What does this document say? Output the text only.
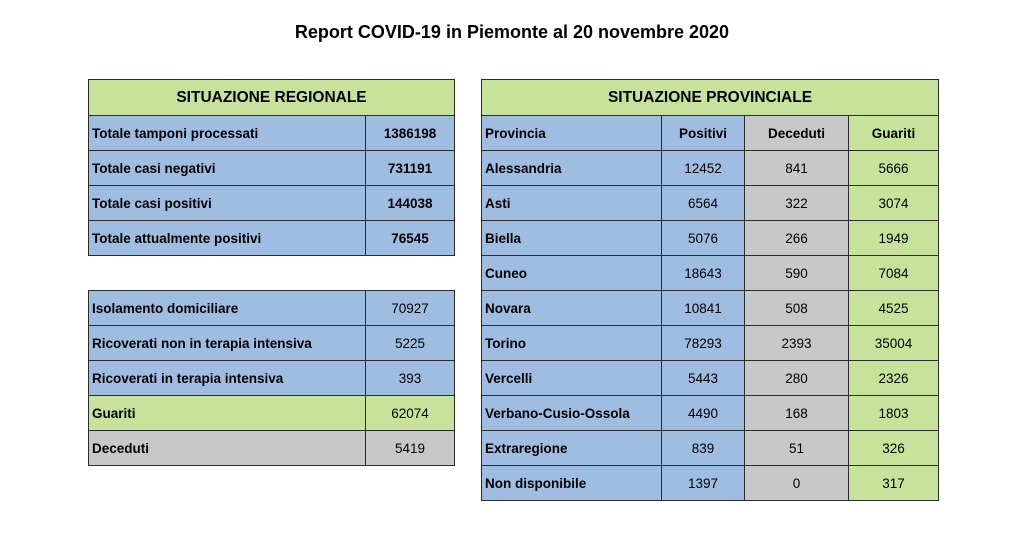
Report COVID-19 in Piemonte al 20 novembre 2020
SITUAZIONE REGIONALE	
Totale tamponi processati	1386198
Totale casi negativi	731191
Totale casi positivi	144038
Totale attualmente positivi	76545
Isolamento domiciliare	70927
Ricoverati non in terapia intensiva	5225
Ricoverati in terapia intensiva	393
Guariti	62074
Deceduti	5419
SITUAZIONE PROVINCIALE			
Provincia	Positivi	Deceduti	Guariti
Alessandria	12452	841	5666
Asti	6564	322	3074
Biella	5076	266	1949
Cuneo	18643	590	7084
Novara	10841	508	4525
Torino	78293	2393	35004
Vercelli	5443	280	2326
Verbano-Cusio-Ossola	4490	168	1803
Extraregione	839	51	326
Non disponibile	1397	0	317
